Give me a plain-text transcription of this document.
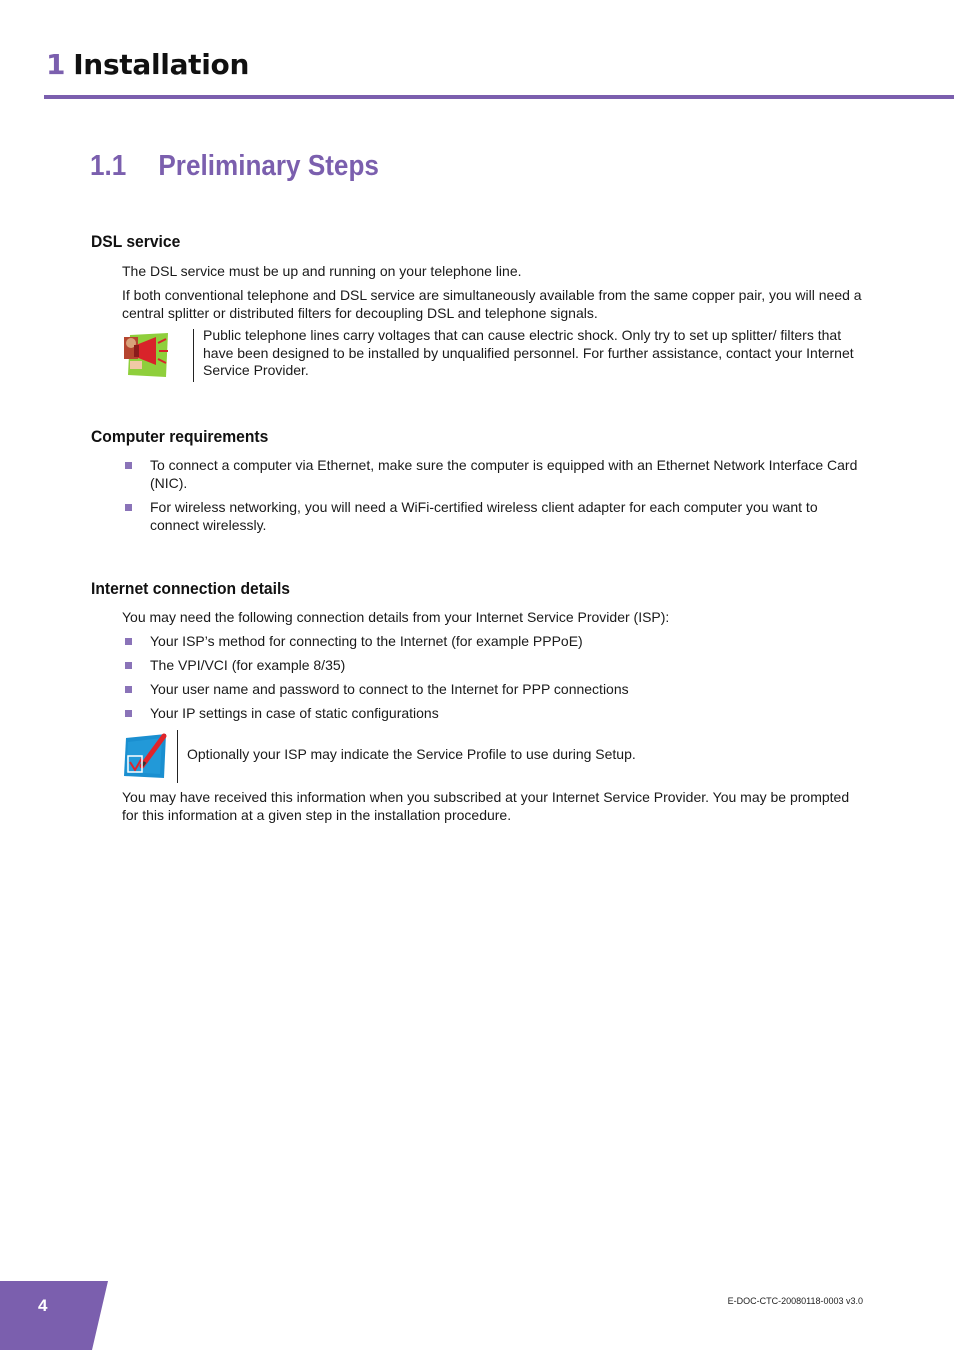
1 Installation
1.1 Preliminary Steps
DSL service

The DSL service must be up and running on your telephone line.

If both conventional telephone and DSL service are simultaneously available from the same copper pair, you will need a central splitter or distributed filters for decoupling DSL and telephone signals.

Public telephone lines carry voltages that can cause electric shock. Only try to set up splitter/ filters that have been designed to be installed by unqualified personnel. For further assistance, contact your Internet Service Provider.

Computer requirements
To connect a computer via Ethernet, make sure the computer is equipped with an Ethernet Network Interface Card (NIC).
For wireless networking, you will need a WiFi-certified wireless client adapter for each computer you want to connect wirelessly.
Internet connection details

You may need the following connection details from your Internet Service Provider (ISP):

Your ISP’s method for connecting to the Internet (for example PPPoE)
The VPI/VCI (for example 8/35)
Your user name and password to connect to the Internet for PPP connections
Your IP settings in case of static configurations

Optionally your ISP may indicate the Service Profile to use during Setup.

You may have received this information when you subscribed at your Internet Service Provider. You may be prompted for this information at a given step in the installation procedure.

4	E-DOC-CTC-20080118-0003 v3.0
